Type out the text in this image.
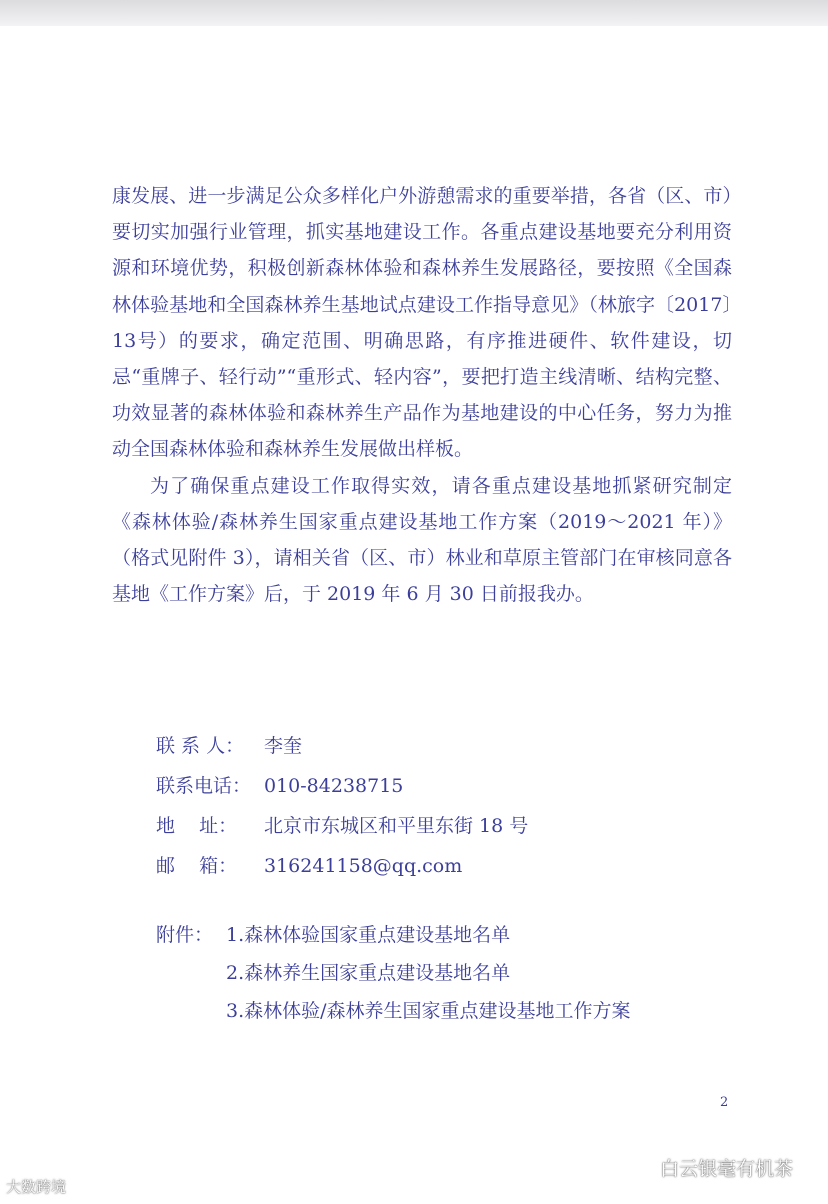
康发展、进一步满足公众多样化户外游憩需求的重要举措，各省（区、市）要切实加强行业管理，抓实基地建设工作。各重点建设基地要充分利用资源和环境优势，积极创新森林体验和森林养生发展路径，要按照《全国森林体验基地和全国森林养生基地试点建设工作指导意见》（林旅字〔2017〕13号）的要求，确定范围、明确思路，有序推进硬件、软件建设，切忌“重牌子、轻行动”“重形式、轻内容”，要把打造主线清晰、结构完整、功效显著的森林体验和森林养生产品作为基地建设的中心任务，努力为推动全国森林体验和森林养生发展做出样板。

为了确保重点建设工作取得实效，请各重点建设基地抓紧研究制定《森林体验/森林养生国家重点建设基地工作方案（2019～2021 年）》（格式见附件 3），请相关省（区、市）林业和草原主管部门在审核同意各基地《工作方案》后，于 2019 年 6 月 30 日前报我办。

联 系 人： 李奎
联系电话： 010-84238715
地    址： 北京市东城区和平里东街 18 号
邮    箱： 316241158@qq.com
附件： 1.森林体验国家重点建设基地名单
2.森林养生国家重点建设基地名单
3.森林体验/森林养生国家重点建设基地工作方案
2
大数跨境
白云银毫有机茶
